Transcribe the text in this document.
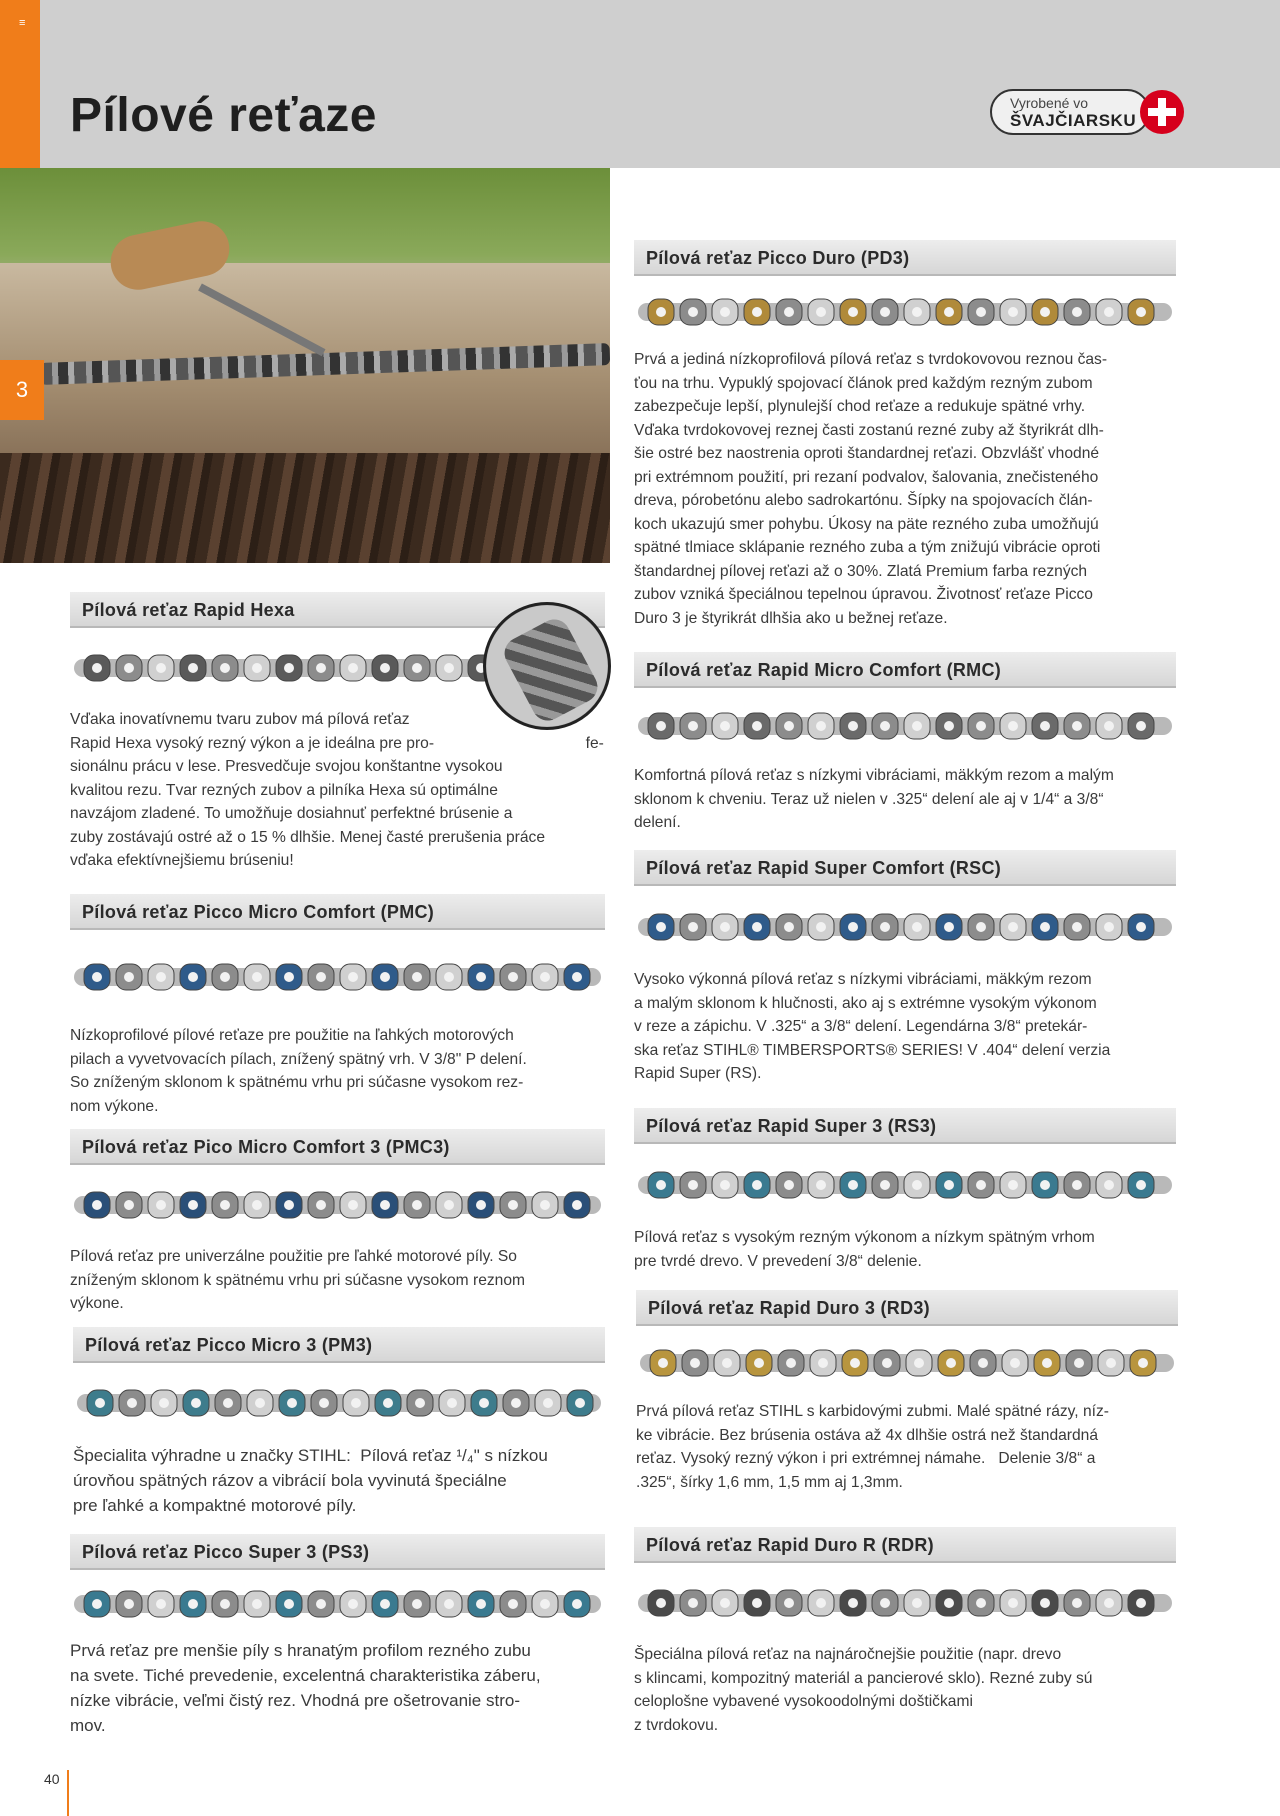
≡
Pílové reťaze	Vyrobené vo
ŠVAJČIARSKU
3
Pílová reťaz Rapid Hexa
Vďaka inovatívnemu tvaru zubov má pílová reťaz
Rapid Hexa vysoký rezný výkon a je ideálna pre pro-                                   fe-
sionálnu prácu v lese. Presvedčuje svojou konštantne vysokou
kvalitou rezu. Tvar rezných zubov a pilníka Hexa sú optimálne
navzájom zladené. To umožňuje dosiahnuť perfektné brúsenie a
zuby zostávajú ostré až o 15 % dlhšie. Menej časté prerušenia práce
vďaka efektívnejšiemu brúseniu!
Pílová reťaz Picco Micro Comfort (PMC)
Nízkoprofilové pílové reťaze pre použitie na ľahkých motorových
pilach a vyvetvovacích pílach, znížený spätný vrh. V 3/8" P delení.
So zníženým sklonom k spätnému vrhu pri súčasne vysokom rez-
nom výkone.
Pílová reťaz Pico Micro Comfort 3 (PMC3)
Pílová reťaz pre univerzálne použitie pre ľahké motorové píly. So
zníženým sklonom k spätnému vrhu pri súčasne vysokom reznom
výkone.
Pílová reťaz Picco Micro 3 (PM3)
Špecialita výhradne u značky STIHL:  Pílová reťaz ¹/₄" s nízkou
úrovňou spätných rázov a vibrácií bola vyvinutá špeciálne
pre ľahké a kompaktné motorové píly.
Pílová reťaz Picco Super 3 (PS3)
Prvá reťaz pre menšie píly s hranatým profilom rezného zubu
na svete. Tiché prevedenie, excelentná charakteristika záberu,
nízke vibrácie, veľmi čistý rez. Vhodná pre ošetrovanie stro-
mov.
Pílová reťaz Picco Duro (PD3)
Prvá a jediná nízkoprofilová pílová reťaz s tvrdokovovou reznou čas-
ťou na trhu. Vypuklý spojovací článok pred každým rezným zubom
zabezpečuje lepší, plynulejší chod reťaze a redukuje spätné vrhy.
Vďaka tvrdokovovej reznej časti zostanú rezné zuby až štyrikrát dlh-
šie ostré bez naostrenia oproti štandardnej reťazi. Obzvlášť vhodné
pri extrémnom použití, pri rezaní podvalov, šalovania, znečisteného
dreva, pórobetónu alebo sadrokartónu. Šípky na spojovacích člán-
koch ukazujú smer pohybu. Úkosy na päte rezného zuba umožňujú
spätné tlmiace sklápanie rezného zuba a tým znižujú vibrácie oproti
štandardnej pílovej reťazi až o 30%. Zlatá Premium farba rezných
zubov vzniká špeciálnou tepelnou úpravou. Životnosť reťaze Picco
Duro 3 je štyrikrát dlhšia ako u bežnej reťaze.
Pílová reťaz Rapid Micro Comfort (RMC)
Komfortná pílová reťaz s nízkymi vibráciami, mäkkým rezom a malým
sklonom k chveniu. Teraz už nielen v .325“ delení ale aj v 1/4“ a 3/8“
delení.
Pílová reťaz Rapid Super Comfort (RSC)
Vysoko výkonná pílová reťaz s nízkymi vibráciami, mäkkým rezom
a malým sklonom k hlučnosti, ako aj s extrémne vysokým výkonom
v reze a zápichu. V .325“ a 3/8“ delení. Legendárna 3/8“ pretekár-
ska reťaz STIHL® TIMBERSPORTS® SERIES! V .404“ delení verzia
Rapid Super (RS).
Pílová reťaz Rapid Super 3 (RS3)
Pílová reťaz s vysokým rezným výkonom a nízkym spätným vrhom
pre tvrdé drevo. V prevedení 3/8“ delenie.
Pílová reťaz Rapid Duro 3 (RD3)
Prvá pílová reťaz STIHL s karbidovými zubmi. Malé spätné rázy, níz-
ke vibrácie. Bez brúsenia ostáva až 4x dlhšie ostrá než štandardná
reťaz. Vysoký rezný výkon i pri extrémnej námahe.   Delenie 3/8“ a
.325“, šírky 1,6 mm, 1,5 mm aj 1,3mm.
Pílová reťaz Rapid Duro R (RDR)
Špeciálna pílová reťaz na najnáročnejšie použitie (napr. drevo
s klincami, kompozitný materiál a pancierové sklo). Rezné zuby sú
celoplošne vybavené vysokoodolnými doštičkami
z tvrdokovu.
40
